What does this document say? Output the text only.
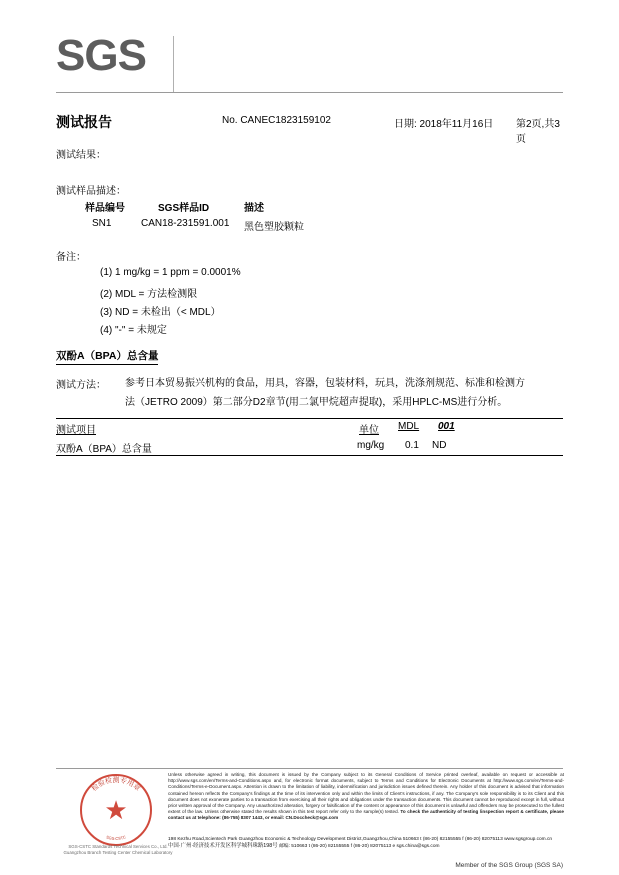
SGS
测试报告	No. CANEC1823159102	日期: 2018年11月16日 第2页,共3页
测试结果：
测试样品描述：
样品编号	SGS样品ID	描述
SN1	CAN18-231591.001 黑色塑胶颗粒
备注：
(1) 1 mg/kg = 1 ppm = 0.0001%
(2) MDL = 方法检测限
(3) ND = 未检出（< MDL）
(4) "-" = 未规定
双酚A（BPA）总含量
测试方法： 参考日本贸易振兴机构的食品，用具，容器，包装材料，玩具，洗涤剂规范、标准和检测方
法（JETRO 2009）第二部分D2章节(用二氯甲烷超声提取)，采用HPLC-MS进行分析。
测试项目	单位 MDL 001
双酚A（BPA）总含量	mg/kg 0.1 ND
★
检验检测专用章
SGS-CSTC
SGS-CSTC Standards Technical Services Co., Ltd.
Guangzhou Branch Testing Center Chemical Laboratory
Unless otherwise agreed in writing, this document is issued by the Company subject to its General Conditions of Service printed overleaf, available on request or accessible at http://www.sgs.com/en/Terms-and-Conditions.aspx and, for electronic format documents, subject to Terms and Conditions for Electronic Documents at http://www.sgs.com/en/Terms-and-Conditions/Terms-e-Document.aspx. Attention is drawn to the limitation of liability, indemnification and jurisdiction issues defined therein. Any holder of this document is advised that information contained hereon reflects the Company's findings at the time of its intervention only and within the limits of Client's instructions, if any. The Company's sole responsibility is to its Client and this document does not exonerate parties to a transaction from exercising all their rights and obligations under the transaction documents. This document cannot be reproduced except in full, without prior written approval of the Company. Any unauthorized alteration, forgery or falsification of the content or appearance of this document is unlawful and offenders may be prosecuted to the fullest extent of the law. Unless otherwise stated the results shown in this test report refer only to the sample(s) tested. To check the authenticity of testing /inspection report & certificate, please contact us at telephone: (86-755) 8307 1443, or email: CN.Doccheck@sgs.com
198 Kezhu Road,Scientech Park Guangzhou Economic & Technology Development District,Guangzhou,China 510663 t (86-20) 82155555 f (86-20) 82075113 www.sgsgroup.com.cn
中国·广州·经济技术开发区科学城科珠路198号 邮编: 510663 t (86-20) 82155555 f (86-20) 82075113 e sgs.china@sgs.com
Member of the SGS Group (SGS SA)
